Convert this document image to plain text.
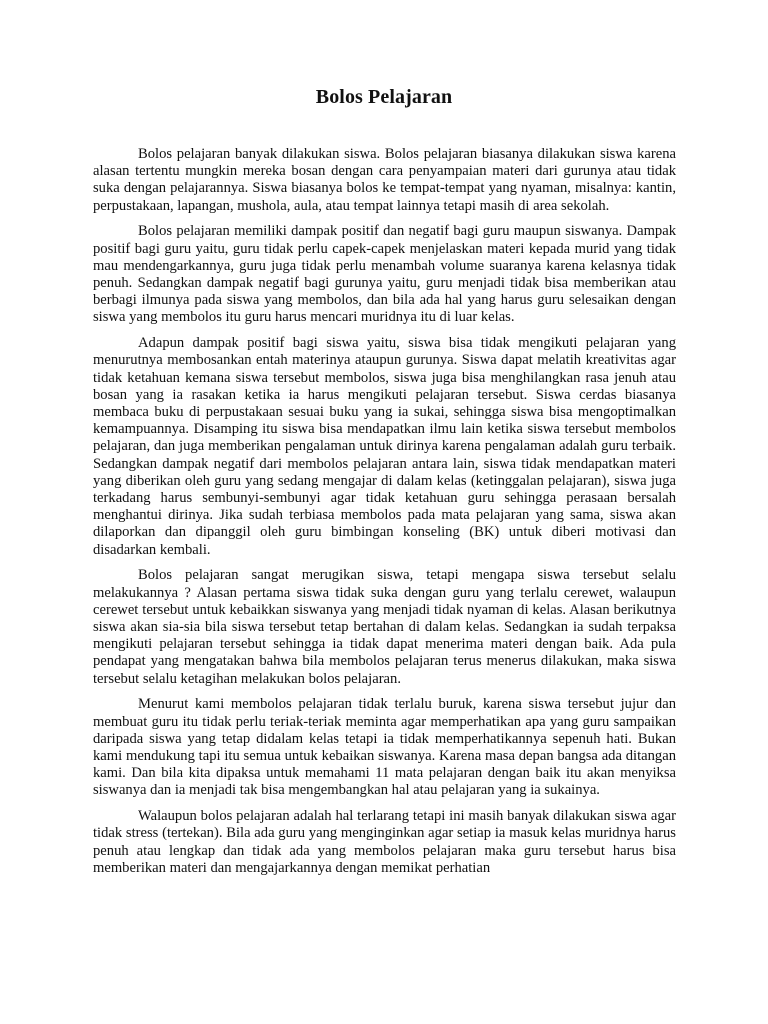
Bolos Pelajaran

Bolos pelajaran banyak dilakukan siswa. Bolos pelajaran biasanya dilakukan siswa karena alasan tertentu mungkin mereka bosan dengan cara penyampaian materi dari gurunya atau tidak suka dengan pelajarannya. Siswa biasanya bolos ke tempat-tempat yang nyaman, misalnya: kantin, perpustakaan, lapangan, mushola, aula, atau tempat lainnya tetapi masih di area sekolah.

Bolos pelajaran memiliki dampak positif dan negatif bagi guru maupun siswanya. Dampak positif bagi guru yaitu, guru tidak perlu capek-capek menjelaskan materi kepada murid yang tidak mau mendengarkannya, guru juga tidak perlu menambah volume suaranya karena kelasnya tidak penuh. Sedangkan dampak negatif bagi gurunya yaitu, guru menjadi tidak bisa memberikan atau berbagi ilmunya pada siswa yang membolos, dan bila ada hal yang harus guru selesaikan dengan siswa yang membolos itu guru harus mencari muridnya itu di luar kelas.

Adapun dampak positif bagi siswa yaitu, siswa bisa tidak mengikuti pelajaran yang menurutnya membosankan entah materinya ataupun gurunya. Siswa dapat melatih kreativitas agar tidak ketahuan kemana siswa tersebut membolos, siswa juga bisa menghilangkan rasa jenuh atau bosan yang ia rasakan ketika ia harus mengikuti pelajaran tersebut. Siswa cerdas biasanya membaca buku di perpustakaan sesuai buku yang ia sukai, sehingga siswa bisa mengoptimalkan kemampuannya. Disamping itu siswa bisa mendapatkan ilmu lain ketika siswa tersebut membolos pelajaran, dan juga memberikan pengalaman untuk dirinya karena pengalaman adalah guru terbaik. Sedangkan dampak negatif dari membolos pelajaran antara lain, siswa tidak mendapatkan materi yang diberikan oleh guru yang sedang mengajar di dalam kelas (ketinggalan pelajaran), siswa juga terkadang harus sembunyi-sembunyi agar tidak ketahuan guru sehingga perasaan bersalah menghantui dirinya. Jika sudah terbiasa membolos pada mata pelajaran yang sama, siswa akan dilaporkan dan dipanggil oleh guru bimbingan konseling (BK) untuk diberi motivasi dan disadarkan kembali.

Bolos pelajaran sangat merugikan siswa, tetapi mengapa siswa tersebut selalu melakukannya ? Alasan pertama siswa tidak suka dengan guru yang terlalu cerewet, walaupun cerewet tersebut untuk kebaikkan siswanya yang menjadi tidak nyaman di kelas. Alasan berikutnya siswa akan sia-sia bila siswa tersebut tetap bertahan di dalam kelas. Sedangkan ia sudah terpaksa mengikuti pelajaran tersebut sehingga ia tidak dapat menerima materi dengan baik. Ada pula pendapat yang mengatakan bahwa bila membolos pelajaran terus menerus dilakukan, maka siswa tersebut selalu ketagihan melakukan bolos pelajaran.

Menurut kami membolos pelajaran tidak terlalu buruk, karena siswa tersebut jujur dan membuat guru itu tidak perlu teriak-teriak meminta agar memperhatikan apa yang guru sampaikan daripada siswa yang tetap didalam kelas tetapi ia tidak memperhatikannya sepenuh hati. Bukan kami mendukung tapi itu semua untuk kebaikan siswanya. Karena masa depan bangsa ada ditangan kami. Dan bila kita dipaksa untuk memahami 11 mata pelajaran dengan baik itu akan menyiksa siswanya dan ia menjadi tak bisa mengembangkan hal atau pelajaran yang ia sukainya.

Walaupun bolos pelajaran adalah hal terlarang tetapi ini masih banyak dilakukan siswa agar tidak stress (tertekan). Bila ada guru yang menginginkan agar setiap ia masuk kelas muridnya harus penuh atau lengkap dan tidak ada yang membolos pelajaran maka guru tersebut harus bisa memberikan materi dan mengajarkannya dengan memikat perhatian
